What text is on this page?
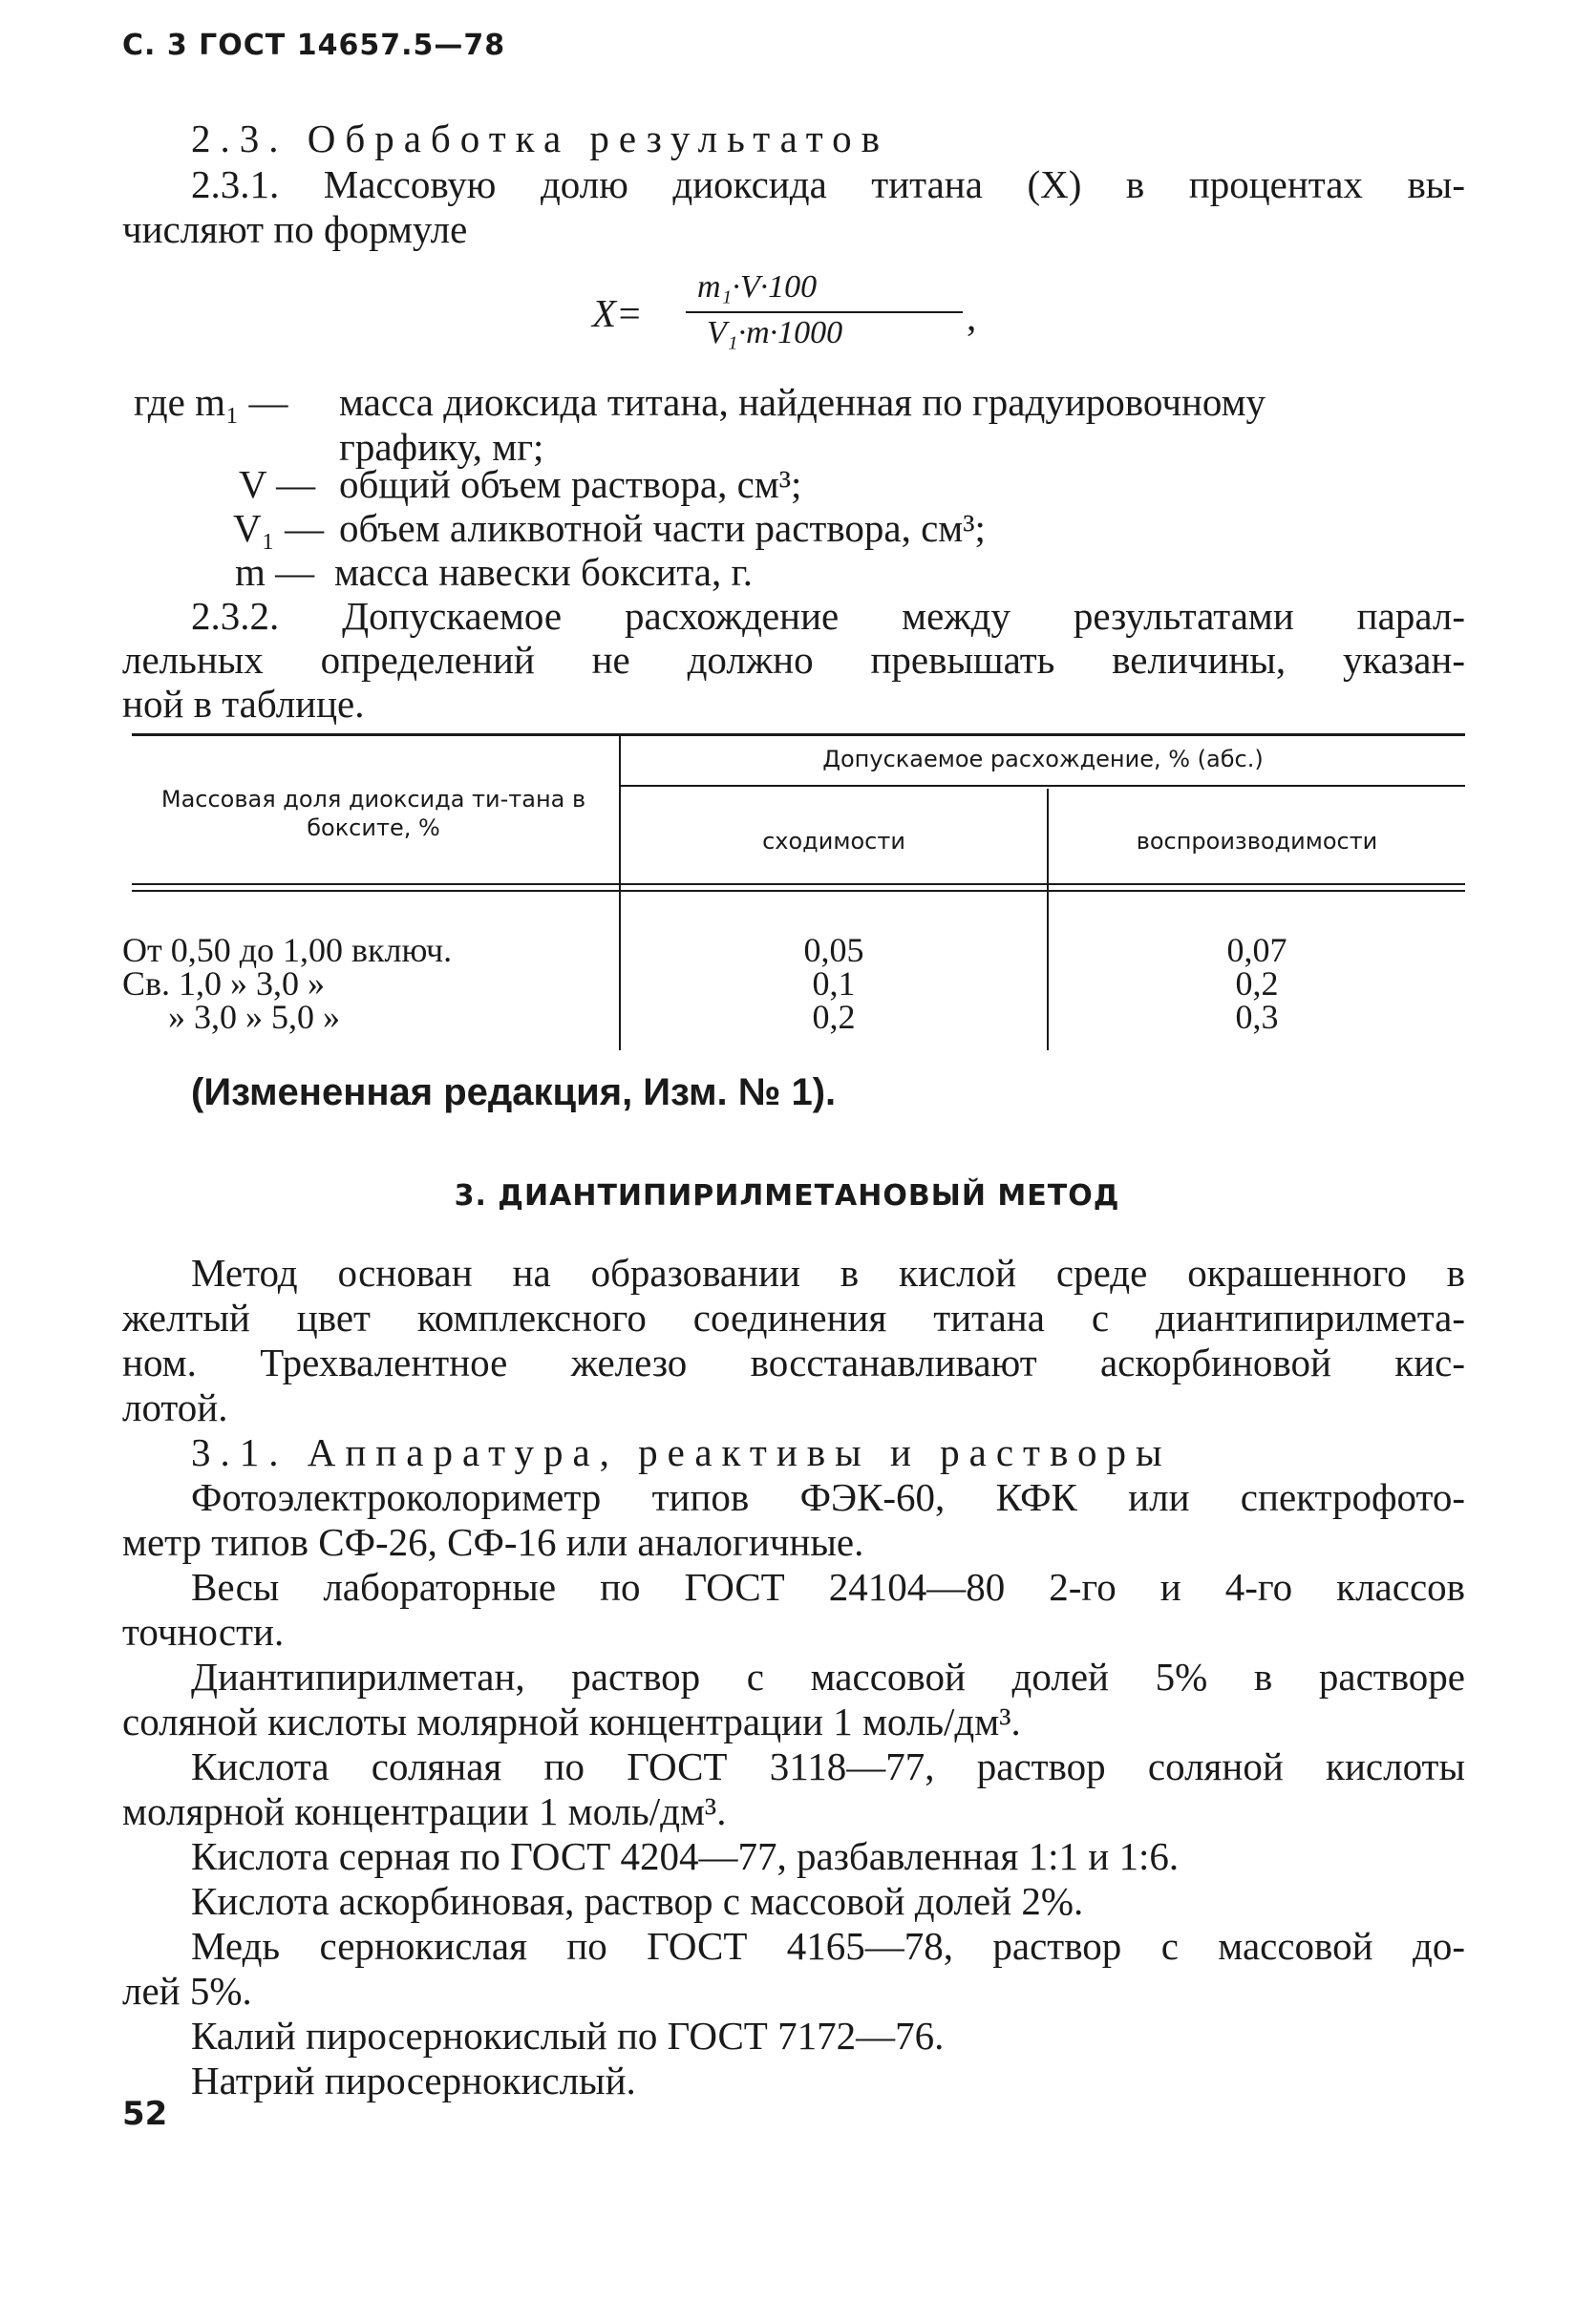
С. 3 ГОСТ 14657.5—78
2.3. Обработка результатов
2.3.1. Массовую долю диоксида титана (Х) в процентах вы-
числяют по формуле
X=
m₁·V·100
V₁·m·1000	,
где m₁ — масса диоксида титана, найденная по градуировочному
графику, мг;
V — общий объем раствора, см³;
V₁ — объем аликвотной части раствора, см³;
m — масса навески боксита, г.
2.3.2. Допускаемое расхождение между результатами парал-
лельных определений не должно превышать величины, указан-
ной в таблице.
Массовая доля диоксида ти-тана в боксите, %
Допускаемое расхождение, % (абс.)
сходимости	воспроизводимости
От 0,50 до 1,00 включ.	0,05	0,07
Св. 1,0 » 3,0 »	0,1	0,2
» 3,0 » 5,0 »	0,2	0,3
(Измененная редакция, Изм. № 1).
3. ДИАНТИПИРИЛМЕТАНОВЫЙ МЕТОД
Метод основан на образовании в кислой среде окрашенного в
желтый цвет комплексного соединения титана с диантипирилмета-
ном. Трехвалентное железо восстанавливают аскорбиновой кис-
лотой.
3.1. Аппаратура, реактивы и растворы
Фотоэлектроколориметр типов ФЭК-60, КФК или спектрофото-
метр типов СФ-26, СФ-16 или аналогичные.
Весы лабораторные по ГОСТ 24104—80 2-го и 4-го классов
точности.
Диантипирилметан, раствор с массовой долей 5% в растворе
соляной кислоты молярной концентрации 1 моль/дм³.
Кислота соляная по ГОСТ 3118—77, раствор соляной кислоты
молярной концентрации 1 моль/дм³.
Кислота серная по ГОСТ 4204—77, разбавленная 1:1 и 1:6.
Кислота аскорбиновая, раствор с массовой долей 2%.
Медь сернокислая по ГОСТ 4165—78, раствор с массовой до-
лей 5%.
Калий пиросернокислый по ГОСТ 7172—76.
Натрий пиросернокислый.
52
